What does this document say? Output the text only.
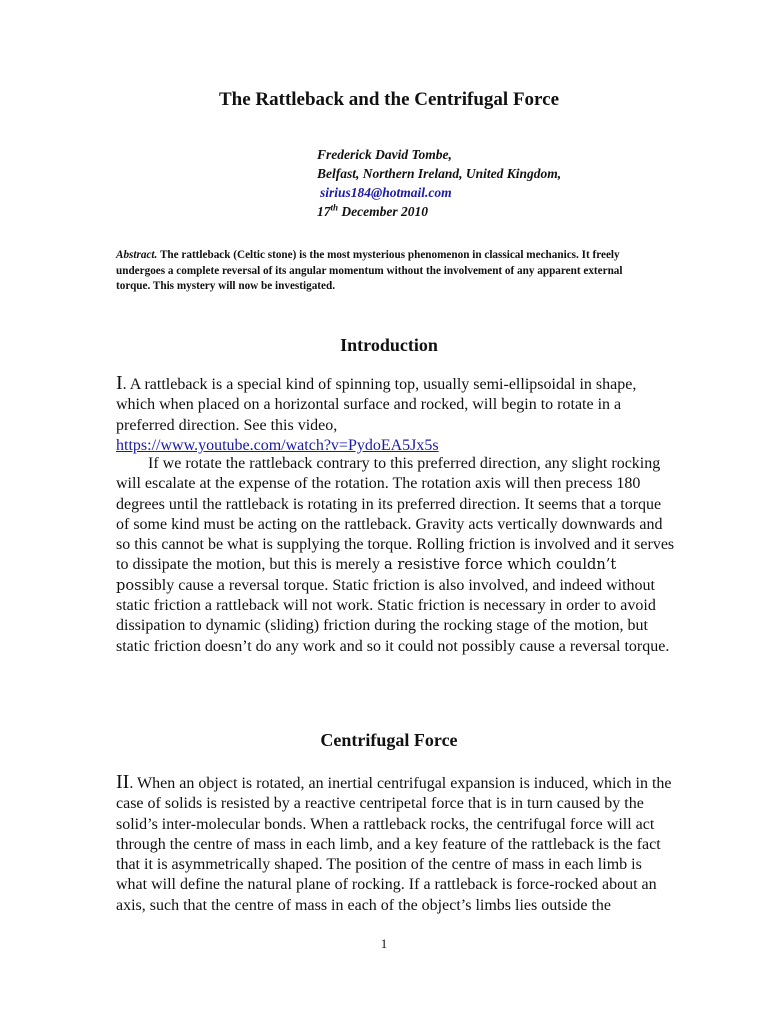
The Rattleback and the Centrifugal Force
Frederick David Tombe,
Belfast, Northern Ireland, United Kingdom,
sirius184@hotmail.com
17th December 2010

Abstract. The rattleback (Celtic stone) is the most mysterious phenomenon in classical mechanics. It freely undergoes a complete reversal of its angular momentum without the involvement of any apparent external torque. This mystery will now be investigated.

Introduction

I. A rattleback is a special kind of spinning top, usually semi-ellipsoidal in shape, which when placed on a horizontal surface and rocked, will begin to rotate in a preferred direction. See this video,
https://www.youtube.com/watch?v=PydoEA5Jx5s

If we rotate the rattleback contrary to this preferred direction, any slight rocking will escalate at the expense of the rotation. The rotation axis will then precess 180 degrees until the rattleback is rotating in its preferred direction. It seems that a torque of some kind must be acting on the rattleback. Gravity acts vertically downwards and so this cannot be what is supplying the torque. Rolling friction is involved and it serves to dissipate the motion, but this is merely a resistive force which couldn’t possibly cause a reversal torque. Static friction is also involved, and indeed without static friction a rattleback will not work. Static friction is necessary in order to avoid dissipation to dynamic (sliding) friction during the rocking stage of the motion, but static friction doesn’t do any work and so it could not possibly cause a reversal torque.

Centrifugal Force

II. When an object is rotated, an inertial centrifugal expansion is induced, which in the case of solids is resisted by a reactive centripetal force that is in turn caused by the solid’s inter-molecular bonds. When a rattleback rocks, the centrifugal force will act through the centre of mass in each limb, and a key feature of the rattleback is the fact that it is asymmetrically shaped. The position of the centre of mass in each limb is what will define the natural plane of rocking. If a rattleback is force-rocked about an axis, such that the centre of mass in each of the object’s limbs lies outside the

1
